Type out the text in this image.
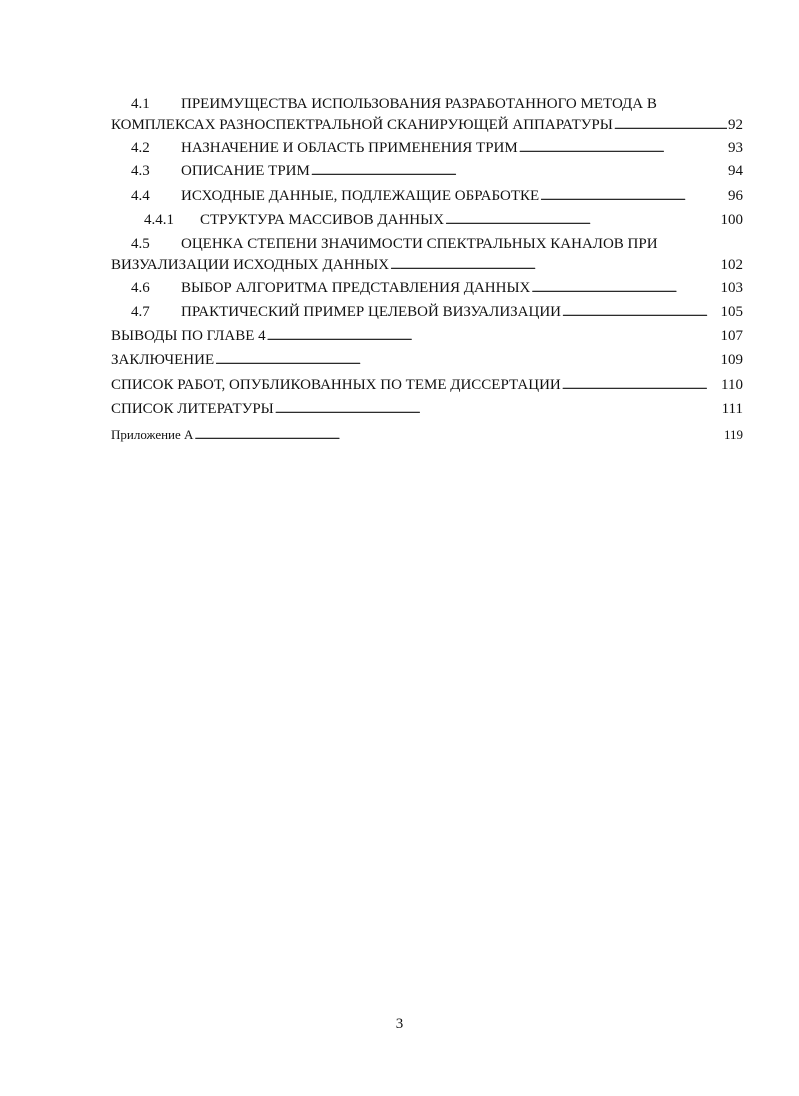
4.1	ПРЕИМУЩЕСТВА ИСПОЛЬЗОВАНИЯ РАЗРАБОТАННОГО МЕТОДА В
КОМПЛЕКСАХ РАЗНОСПЕКТРАЛЬНОЙ СКАНИРУЮЩЕЙ АППАРАТУРЫ . . .	92
4.2	НАЗНАЧЕНИЕ И ОБЛАСТЬ ПРИМЕНЕНИЯ ТРИМ . . .	93
4.3	ОПИСАНИЕ ТРИМ . . .	94
4.4	ИСХОДНЫЕ ДАННЫЕ, ПОДЛЕЖАЩИЕ ОБРАБОТКЕ . . .	96
4.4.1	СТРУКТУРА МАССИВОВ ДАННЫХ . . .	100
4.5	ОЦЕНКА СТЕПЕНИ ЗНАЧИМОСТИ СПЕКТРАЛЬНЫХ КАНАЛОВ ПРИ
ВИЗУАЛИЗАЦИИ ИСХОДНЫХ ДАННЫХ . . .	102
4.6	ВЫБОР АЛГОРИТМА ПРЕДСТАВЛЕНИЯ ДАННЫХ . . .	103
4.7	ПРАКТИЧЕСКИЙ ПРИМЕР ЦЕЛЕВОЙ ВИЗУАЛИЗАЦИИ . . .	105
ВЫВОДЫ ПО ГЛАВЕ 4 . . .	107
ЗАКЛЮЧЕНИЕ . . .	109
СПИСОК РАБОТ, ОПУБЛИКОВАННЫХ ПО ТЕМЕ ДИССЕРТАЦИИ . . .	110
СПИСОК ЛИТЕРАТУРЫ . . .	111
Приложение А . . .	119
3
